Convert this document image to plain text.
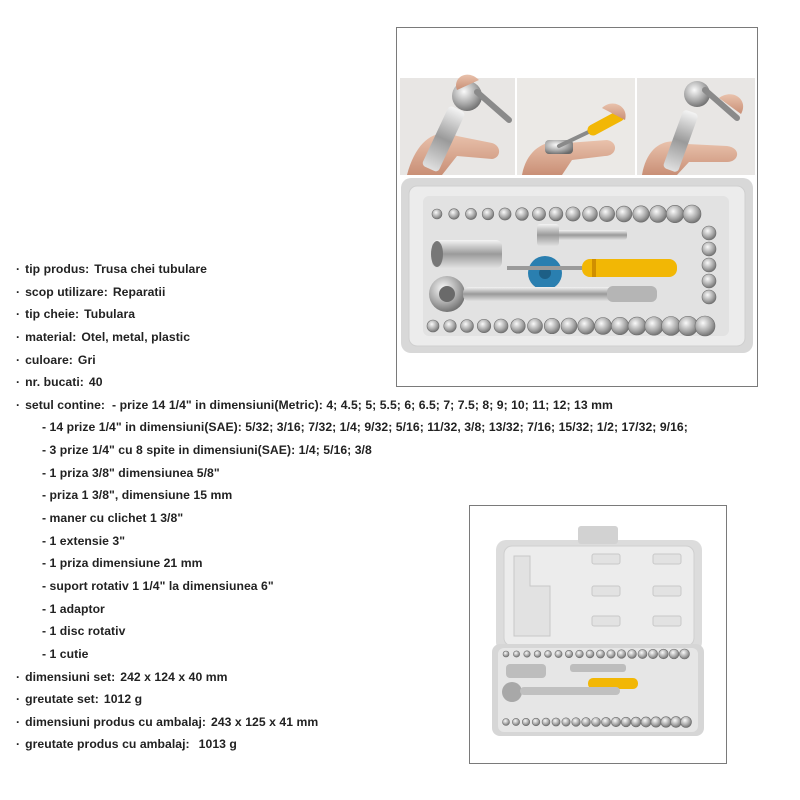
· tip produs: Trusa chei tubulare
· scop utilizare: Reparatii
· tip cheie: Tubulara
· material: Otel, metal, plastic
· culoare: Gri
· nr. bucati: 40
· setul contine: - prize 14 1/4" in dimensiuni(Metric): 4; 4.5; 5; 5.5; 6; 6.5; 7; 7.5; 8; 9; 10; 11; 12; 13 mm
- 14 prize 1/4" in dimensiuni(SAE): 5/32; 3/16; 7/32; 1/4; 9/32; 5/16; 11/32, 3/8; 13/32; 7/16; 15/32; 1/2; 17/32; 9/16;
- 3 prize 1/4" cu 8 spite in dimensiuni(SAE): 1/4; 5/16; 3/8
- 1 priza 3/8" dimensiunea 5/8"
- priza 1 3/8", dimensiune 15 mm
- maner cu clichet 1 3/8"
- 1 extensie 3"
- 1 priza dimensiune 21 mm
- suport rotativ 1 1/4" la dimensiunea 6"
- 1 adaptor
- 1 disc rotativ
- 1 cutie
· dimensiuni set: 242 x 124 x 40 mm
· greutate set: 1012 g
· dimensiuni produs cu ambalaj: 243 x 125 x 41 mm
· greutate produs cu ambalaj: 1013 g
